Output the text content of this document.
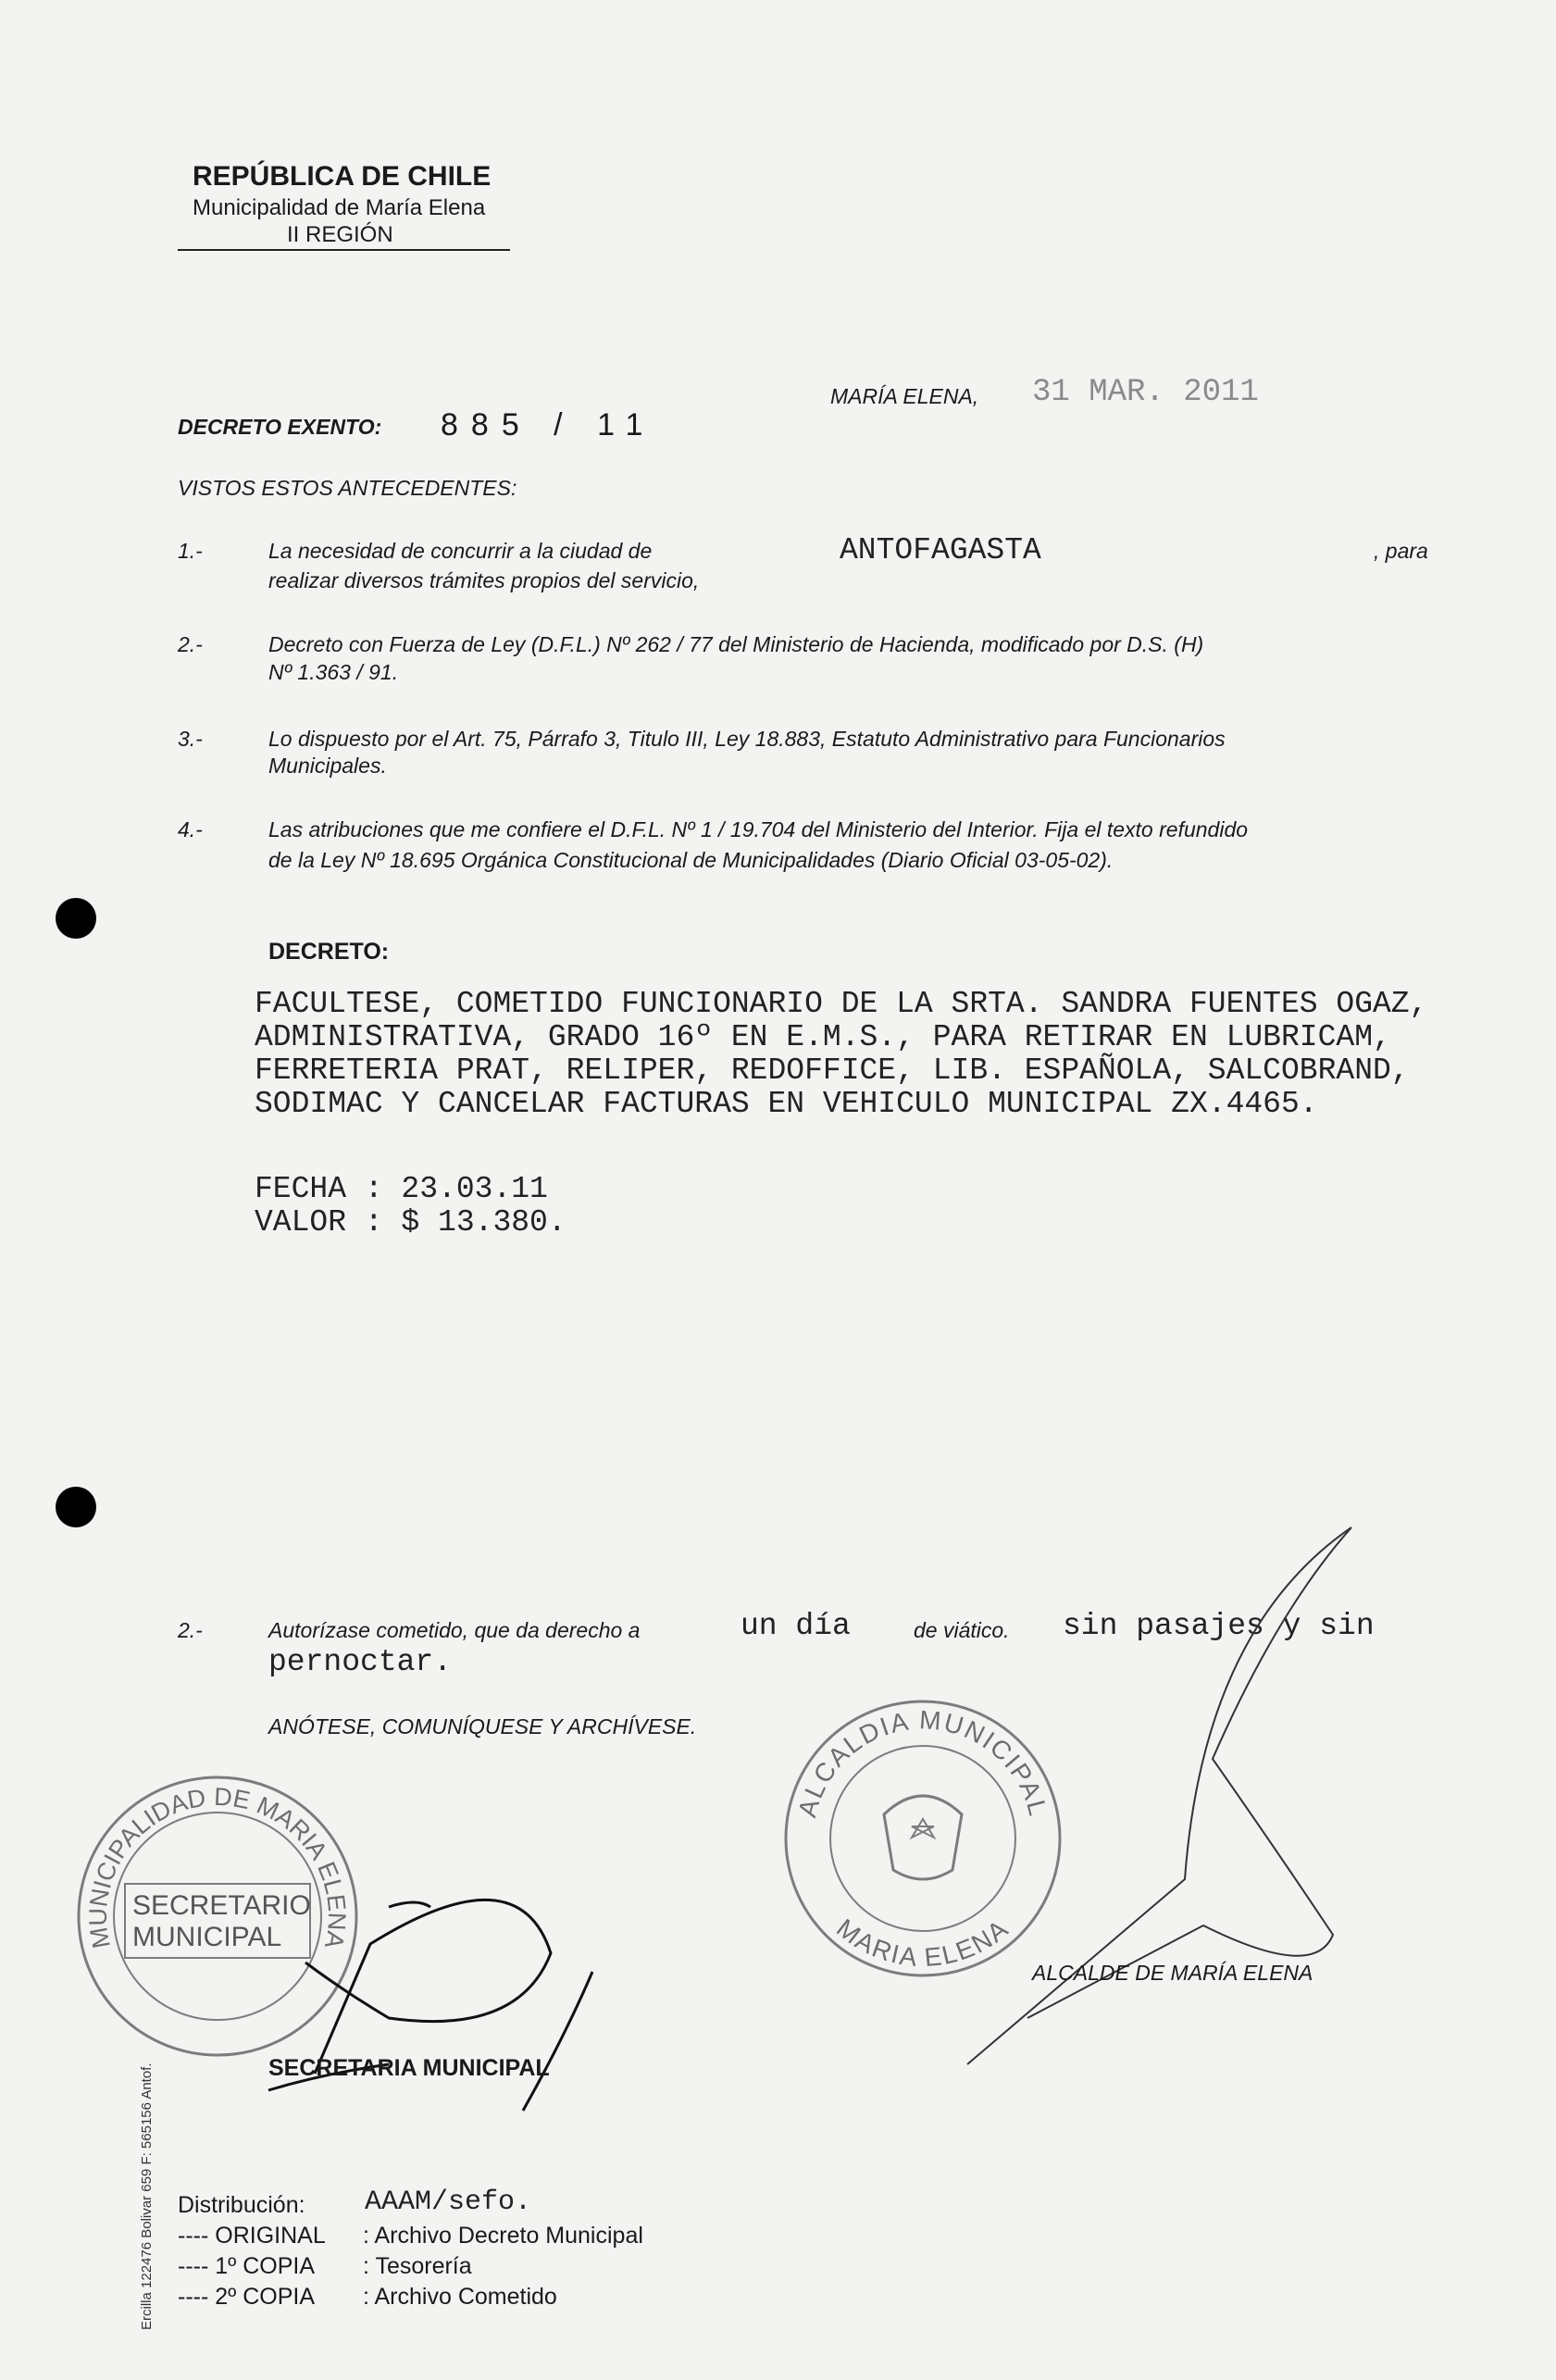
REPÚBLICA DE CHILE
Municipalidad de María Elena
II REGIÓN
MARÍA ELENA, 31 MAR. 2011
DECRETO EXENTO: 885 / 11
VISTOS ESTOS ANTECEDENTES:
1.-	La necesidad de concurrir a la ciudad de	ANTOFAGASTA	, para
realizar diversos trámites propios del servicio,
2.-	Decreto con Fuerza de Ley (D.F.L.) Nº 262 / 77 del Ministerio de Hacienda, modificado por D.S. (H)
Nº 1.363 / 91.
3.-	Lo dispuesto por el Art. 75, Párrafo 3, Titulo III, Ley 18.883, Estatuto Administrativo para Funcionarios
Municipales.
4.-	Las atribuciones que me confiere el D.F.L. Nº 1 / 19.704 del Ministerio del Interior. Fija el texto refundido
de la Ley Nº 18.695 Orgánica Constitucional de Municipalidades (Diario Oficial 03-05-02).
DECRETO:
FACULTESE, COMETIDO FUNCIONARIO DE LA SRTA. SANDRA FUENTES OGAZ,
ADMINISTRATIVA, GRADO 16º EN E.M.S., PARA RETIRAR EN LUBRICAM,
FERRETERIA PRAT, RELIPER, REDOFFICE, LIB. ESPAÑOLA, SALCOBRAND,
SODIMAC Y CANCELAR FACTURAS EN VEHICULO MUNICIPAL ZX.4465.
FECHA : 23.03.11
VALOR : $ 13.380.
2.-	Autorízase cometido, que da derecho a	un día	de viático. sin pasajes y sin
pernoctar.
ANÓTESE, COMUNÍQUESE Y ARCHÍVESE.
MUNICIPALIDAD DE MARIA ELENA
SECRETARIO
MUNICIPAL
ALCALDIA MUNICIPAL
MARIA ELENA
ALCALDE DE MARÍA ELENA
SECRETARIA MUNICIPAL
Ercilla 122476 Bolivar 659 F: 565156 Antof. Distribución: AAAM/sefo.
---- ORIGINAL : Archivo Decreto Municipal
---- 1º COPIA : Tesorería
---- 2º COPIA : Archivo Cometido
